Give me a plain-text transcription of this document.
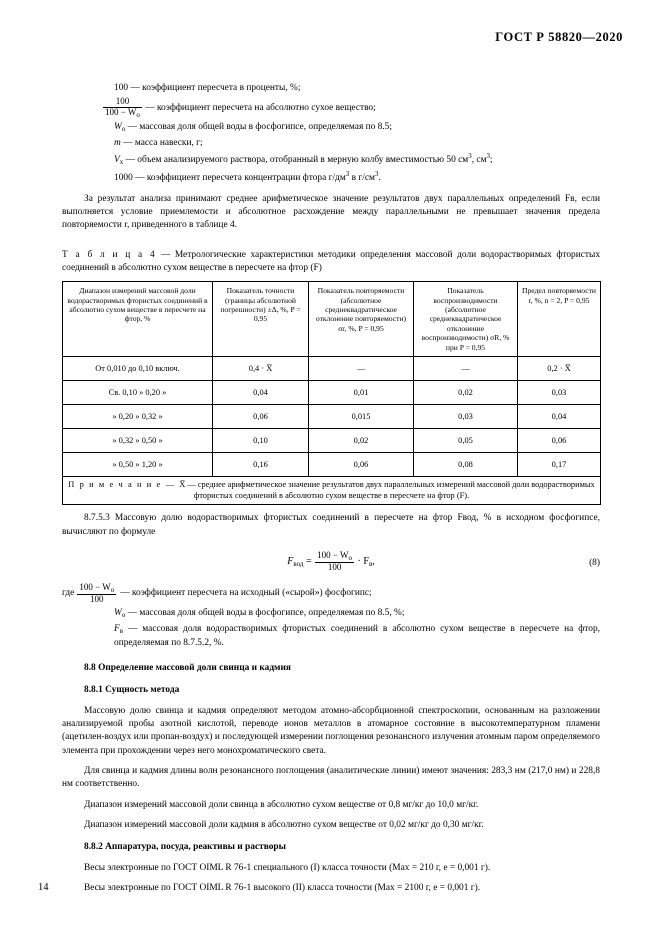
ГОСТ Р 58820—2020
100 — коэффициент пересчета в проценты, %;
$\frac{100}{100 - W_о}$ — коэффициент пересчета на абсолютно сухое вещество;
$W_о$ — массовая доля общей воды в фосфогипсе, определяемая по 8.5;
m — масса навески, г;
$V_х$ — объем анализируемого раствора, отобранный в мерную колбу вместимостью 50 $см^3$, $см^3$;
1000 — коэффициент пересчета концентрации фтора $г/дм^3$ в $г/см^3$.

За результат анализа принимают среднее арифметическое значение результатов двух параллельных определений Fв, если выполняется условие приемлемости и абсолютное расхождение между параллельными не превышает значения предела повторяемости r, приведенного в таблице 4.

Т а б л и ц а 4 — Метрологические характеристики методики определения массовой доли водорастворимых фтористых соединений в абсолютно сухом веществе в пересчете на фтор (F)
Диапазон измерений массовой доли водорастворимых фтористых соединений в абсолютно сухом веществе в пересчете на фтор, %	Показатель точности (границы абсолютной погрешности) ±Δ, %, P = 0,95	Показатель повторяемости (абсолютное среднеквадратическое отклонение повторяемости) σr, %, P = 0,95	Показатель воспроизводимости (абсолютное среднеквадратическое отклонение воспроизводимости) σR, % при P = 0,95	Предел повторяемости r, %, n = 2, P = 0,95
От 0,010 до 0,10 включ.	0,4 · X̅	—	—	0,2 · X̅
Св. 0,10 » 0,20 »	0,04	0,01	0,02	0,03
» 0,20 » 0,32 »	0,06	0,015	0,03	0,04
» 0,32 » 0,50 »	0,10	0,02	0,05	0,06
» 0,50 » 1,20 »	0,16	0,06	0,08	0,17
П р и м е ч а н и е — X̅ — среднее арифметическое значение результатов двух параллельных измерений массовой доли водорастворимых фтористых соединений в абсолютно сухом веществе в пересчете на фтор (F).				

8.7.5.3 Массовую долю водорастворимых фтористых соединений в пересчете на фтор Fвод, % в исходном фосфогипсе, вычисляют по формуле

$F_{вод} = \frac{100 - W_о}{100} \cdot F_в$,	(8)
где $\frac{100 - W_о}{100}$ — коэффициент пересчета на исходный («сырой») фосфогипс;
$W_о$ — массовая доля общей воды в фосфогипсе, определяемая по 8.5, %;
$F_в$ — массовая доля водорастворимых фтористых соединений в абсолютно сухом веществе в пересчете на фтор, определяемая по 8.7.5.2, %.
8.8 Определение массовой доли свинца и кадмия
8.8.1 Сущность метода

Массовую долю свинца и кадмия определяют методом атомно-абсорбционной спектроскопии, основанным на разложении анализируемой пробы азотной кислотой, переводе ионов металлов в атомарное состояние в высокотемпературном пламени (ацетилен-воздух или пропан-воздух) и последующей измерении поглощения резонансного излучения атомным паром определяемого элемента при прохождении через него монохроматического света.

Для свинца и кадмия длины волн резонансного поглощения (аналитические линии) имеют значения: 283,3 нм (217,0 нм) и 228,8 нм соответственно.

Диапазон измерений массовой доли свинца в абсолютно сухом веществе от 0,8 мг/кг до 10,0 мг/кг.

Диапазон измерений массовой доли кадмия в абсолютно сухом веществе от 0,02 мг/кг до 0,30 мг/кг.

8.8.2 Аппаратура, посуда, реактивы и растворы

Весы электронные по ГОСТ OIML R 76-1 специального (I) класса точности (Max = 210 г, e = 0,001 г).

Весы электронные по ГОСТ OIML R 76-1 высокого (II) класса точности (Max = 2100 г, e = 0,001 г).

14
